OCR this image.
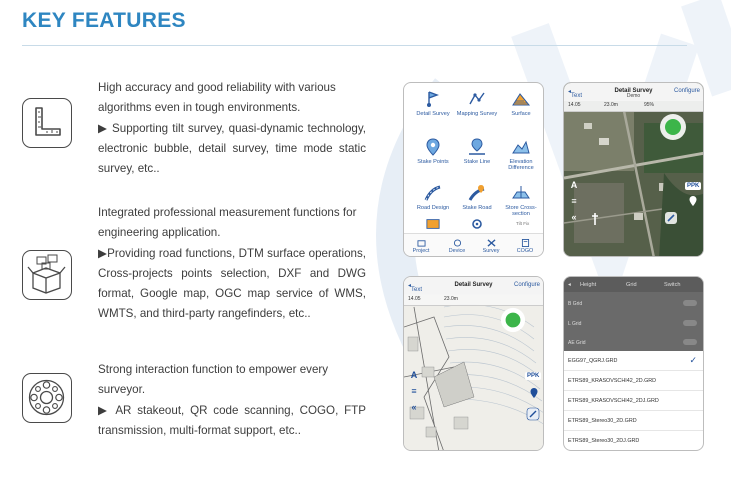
KEY FEATURES

High accuracy and good reliability with various algorithms even in tough environments.

▶ Supporting tilt survey, quasi-dynamic technology, electronic bubble, detail survey, time mode static survey, etc..

Integrated professional measurement functions for engineering application.

▶Providing road functions, DTM surface operations, Cross-projects points selection, DXF and DWG format, Google map, OGC map service of WMS, WMTS, and third-party rangefinders, etc..

Strong interaction function to empower every surveyor.

▶ AR stakeout, QR code scanning, COGO, FTP transmission, multi-format support, etc..

Detail Survey	Mapping Survey	Surface
Stake Points	Stake Line	Elevation Difference
Road Design	Stake Road	Store Cross-section
Tilt Fix
Project	Device	Survey	COGO
◂
Text
Detail Survey	Configure
Demo
14.05	23.0m	95%
A
≡
«
PPK
◂
Text
Detail Survey	Configure
14.05	23.0m
A
≡
«
PPK
◂ Height	Grid	Switch
B Grid
L Grid
AE Grid
EGG97_QGRJ.GRD	✓
ETRS89_KRASOVSCHI42_2D.GRD
ETRS89_KRASOVSCHI42_2DJ.GRD
ETRS89_Stereo30_2D.GRD
ETRS89_Stereo30_2DJ.GRD
